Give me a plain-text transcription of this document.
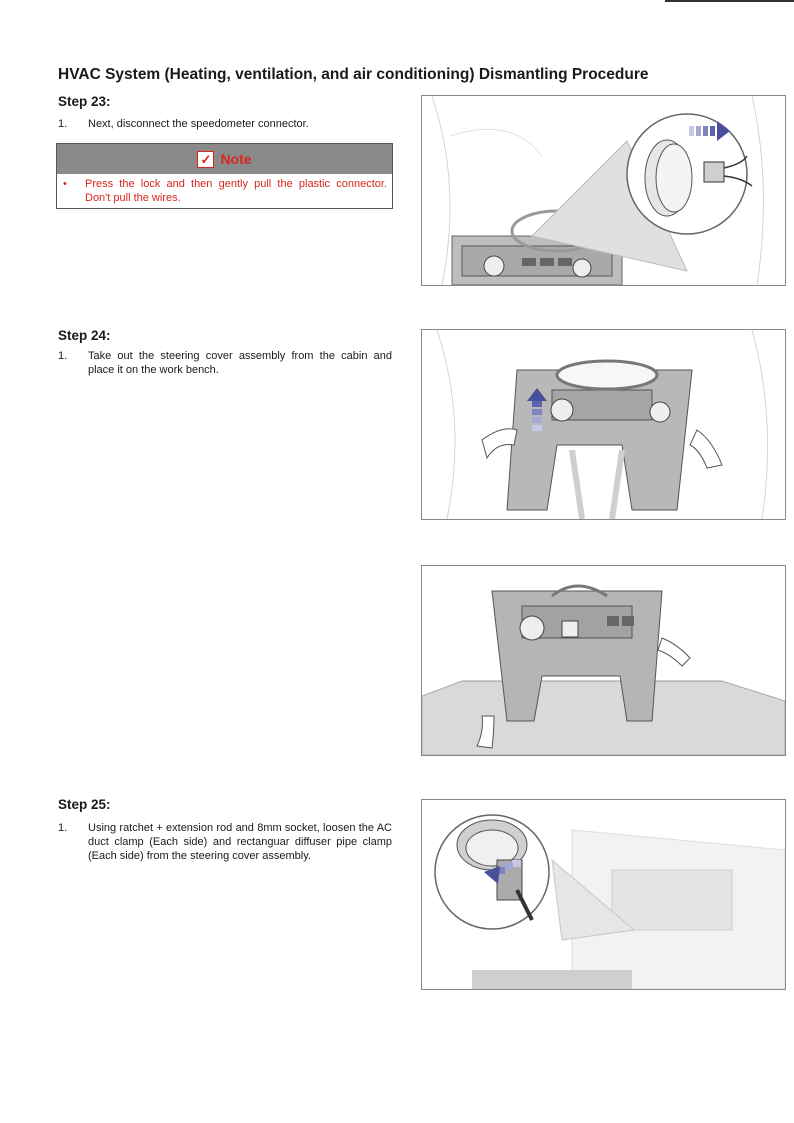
HVAC System (Heating, ventilation, and air conditioning) Dismantling Procedure
Step 23:
1. Next, disconnect the speedometer connector.
✓ Note
• Press the lock and then gently pull the plastic connector. Don't pull the wires.
Step 24:
1. Take out the steering cover assembly from the cabin and place it on the work bench.
Step 25:
1. Using ratchet + extension rod and 8mm socket, loosen the AC duct clamp (Each side) and rectanguar diffuser pipe clamp (Each side) from the steering cover assembly.
